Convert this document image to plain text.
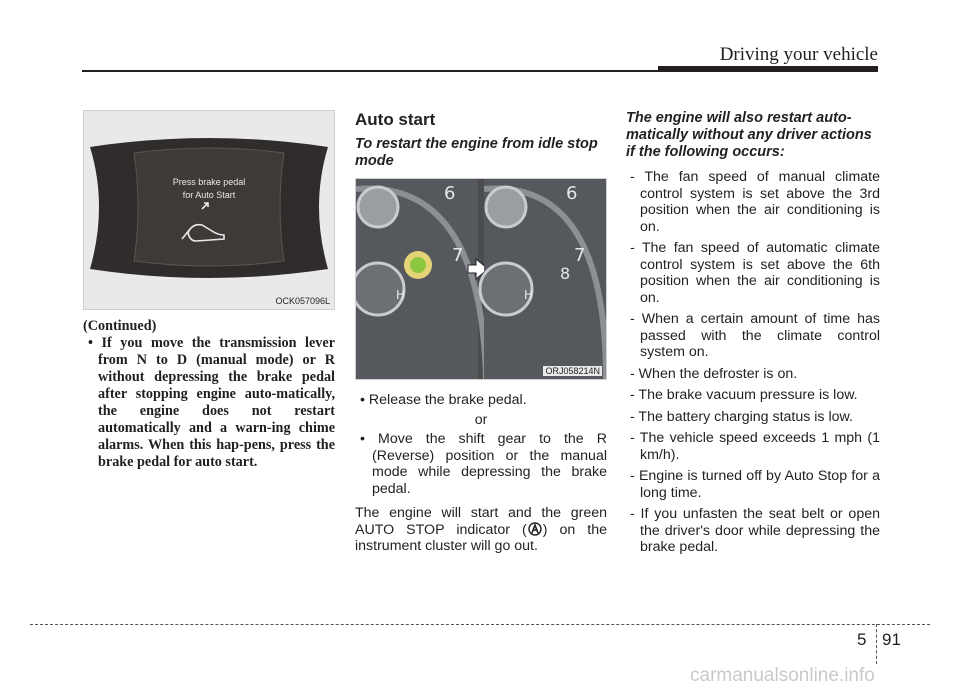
Driving your vehicle
Press brake pedal
for Auto Start
OCK057096L
(Continued)
• If you move the transmission lever from N to D (manual mode) or R without depressing the brake pedal after stopping engine auto-matically, the engine does not restart automatically and a warn-ing chime alarms. When this hap-pens, press the brake pedal for auto start.
Auto start
To restart the engine from idle stop mode
6
7
H
6
7
8
H
ORJ058214N

• Release the brake pedal.

or

• Move the shift gear to the R (Reverse) position or the manual mode while depressing the brake pedal.

The engine will start and the green AUTO STOP indicator ( ) on the instrument cluster will go out.
The engine will also restart auto-matically without any driver actions if the following occurs:

- The fan speed of manual climate control system is set above the 3rd position when the air conditioning is on.

- The fan speed of automatic climate control system is set above the 6th position when the air conditioning is on.

- When a certain amount of time has passed with the climate control system on.

- When the defroster is on.

- The brake vacuum pressure is low.

- The battery charging status is low.

- The vehicle speed exceeds 1 mph (1 km/h).

- Engine is turned off by Auto Stop for a long time.

- If you unfasten the seat belt or open the driver's door while depressing the brake pedal.

5 91
carmanualsonline.info
